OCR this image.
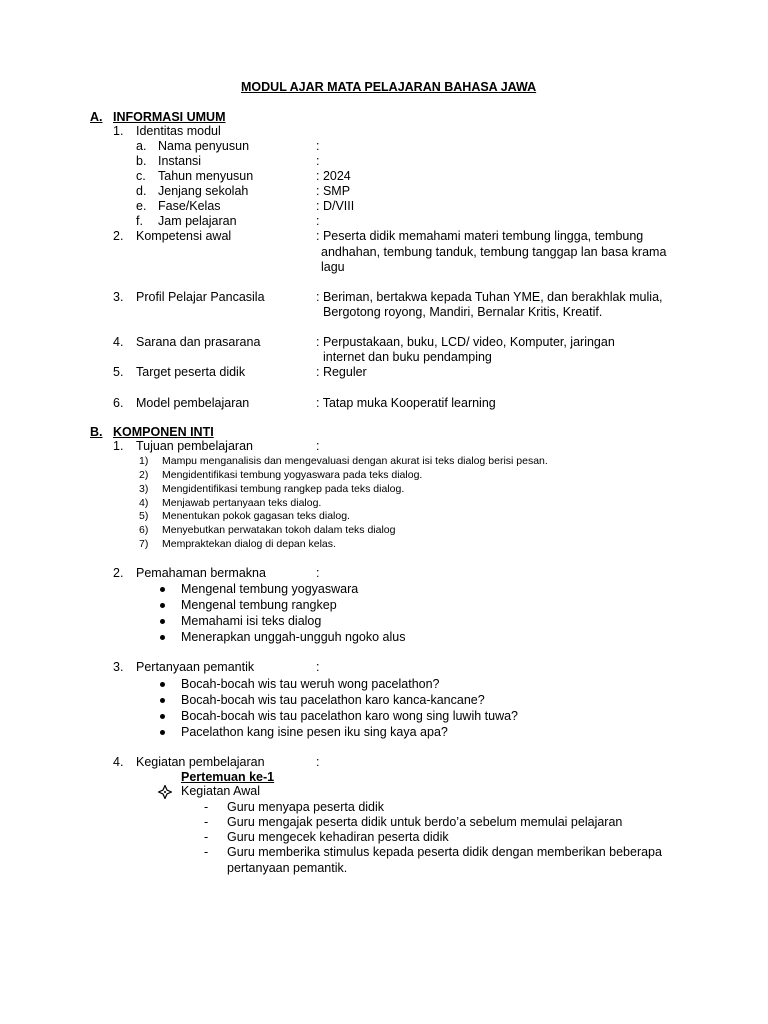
MODUL AJAR MATA PELAJARAN BAHASA JAWA
A. INFORMASI UMUM
1. Identitas modul
a. Nama penyusun	:
b. Instansi	:
c. Tahun menyusun	: 2024
d. Jenjang sekolah	: SMP
e. Fase/Kelas	: D/VIII
f. Jam pelajaran	:
2. Kompetensi awal	: Peserta didik memahami materi tembung lingga, tembung
andhahan, tembung tanduk, tembung tanggap lan basa krama
lagu
3. Profil Pelajar Pancasila	: Beriman, bertakwa kepada Tuhan YME, dan berakhlak mulia,
Bergotong royong, Mandiri, Bernalar Kritis, Kreatif.
4. Sarana dan prasarana	: Perpustakaan, buku, LCD/ video, Komputer, jaringan
internet dan buku pendamping
5. Target peserta didik	: Reguler
6. Model pembelajaran	: Tatap muka Kooperatif learning
B. KOMPONEN INTI
1. Tujuan pembelajaran	:
1) Mampu menganalisis dan mengevaluasi dengan akurat isi teks dialog berisi pesan.
2) Mengidentifikasi tembung yogyaswara pada teks dialog.
3) Mengidentifikasi tembung rangkep pada teks dialog.
4) Menjawab pertanyaan teks dialog.
5) Menentukan pokok gagasan teks dialog.
6) Menyebutkan perwatakan tokoh dalam teks dialog
7) Mempraktekan dialog di depan kelas.
2. Pemahaman bermakna	:
Mengenal tembung yogyaswara
Mengenal tembung rangkep
Memahami isi teks dialog
Menerapkan unggah-ungguh ngoko alus
3. Pertanyaan pemantik	:
Bocah-bocah wis tau weruh wong pacelathon?
Bocah-bocah wis tau pacelathon karo kanca-kancane?
Bocah-bocah wis tau pacelathon karo wong sing luwih tuwa?
Pacelathon kang isine pesen iku sing kaya apa?
4. Kegiatan pembelajaran	:
Pertemuan ke-1
Kegiatan Awal
- Guru menyapa peserta didik
- Guru mengajak peserta didik untuk berdo’a sebelum memulai pelajaran
- Guru mengecek kehadiran peserta didik
- Guru memberika stimulus kepada peserta didik dengan memberikan beberapa
pertanyaan pemantik.
